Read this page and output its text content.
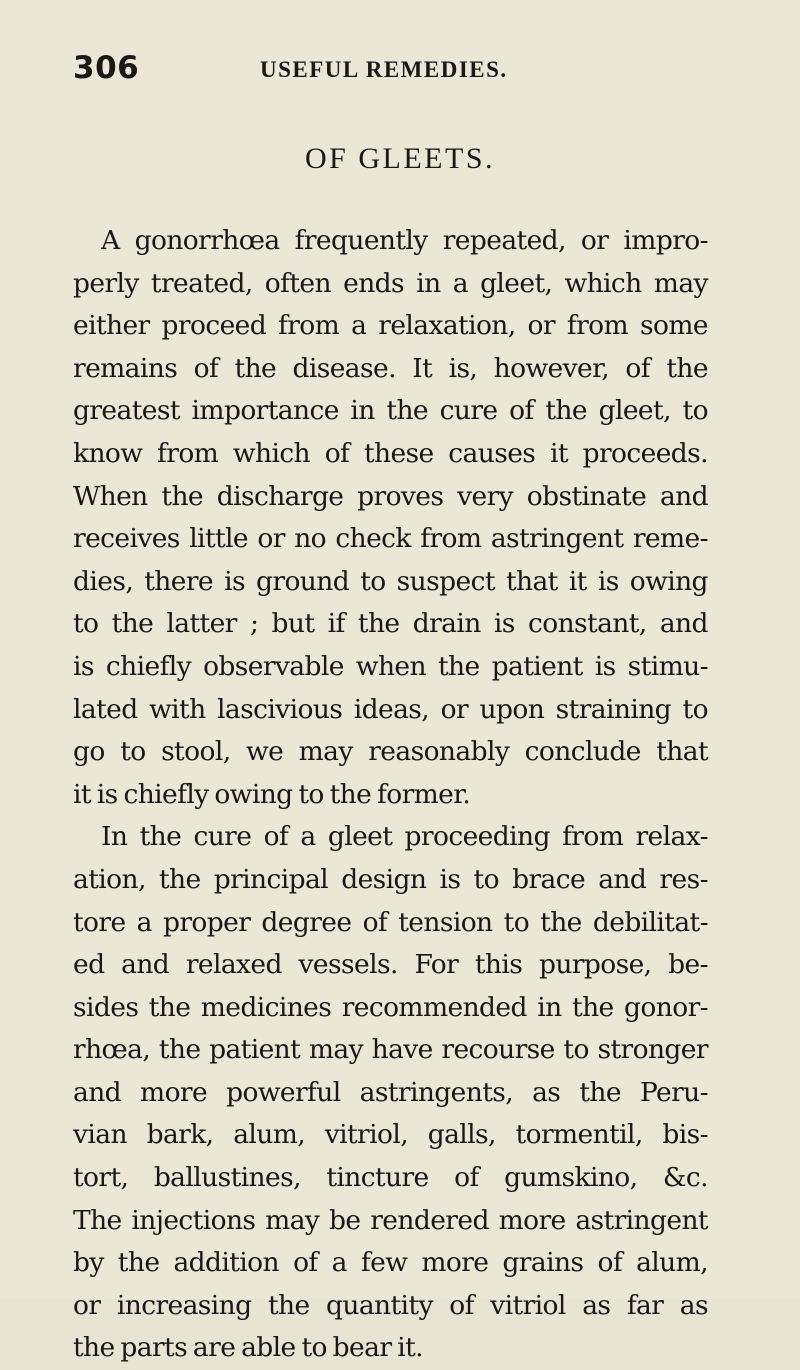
306	USEFUL REMEDIES.
OF GLEETS.
A gonorrhœa frequently repeated, or impro-
perly treated, often ends in a gleet, which may
either proceed from a relaxation, or from some
remains of the disease. It is, however, of the
greatest importance in the cure of the gleet, to
know from which of these causes it proceeds.
When the discharge proves very obstinate and
receives little or no check from astringent reme-
dies, there is ground to suspect that it is owing
to the latter ; but if the drain is constant, and
is chiefly observable when the patient is stimu-
lated with lascivious ideas, or upon straining to
go to stool, we may reasonably conclude that
it is chiefly owing to the former.
In the cure of a gleet proceeding from relax-
ation, the principal design is to brace and res-
tore a proper degree of tension to the debilitat-
ed and relaxed vessels. For this purpose, be-
sides the medicines recommended in the gonor-
rhœa, the patient may have recourse to stronger
and more powerful astringents, as the Peru-
vian bark, alum, vitriol, galls, tormentil, bis-
tort, ballustines, tincture of gumskino, &c.
The injections may be rendered more astringent
by the addition of a few more grains of alum,
or increasing the quantity of vitriol as far as
the parts are able to bear it.
